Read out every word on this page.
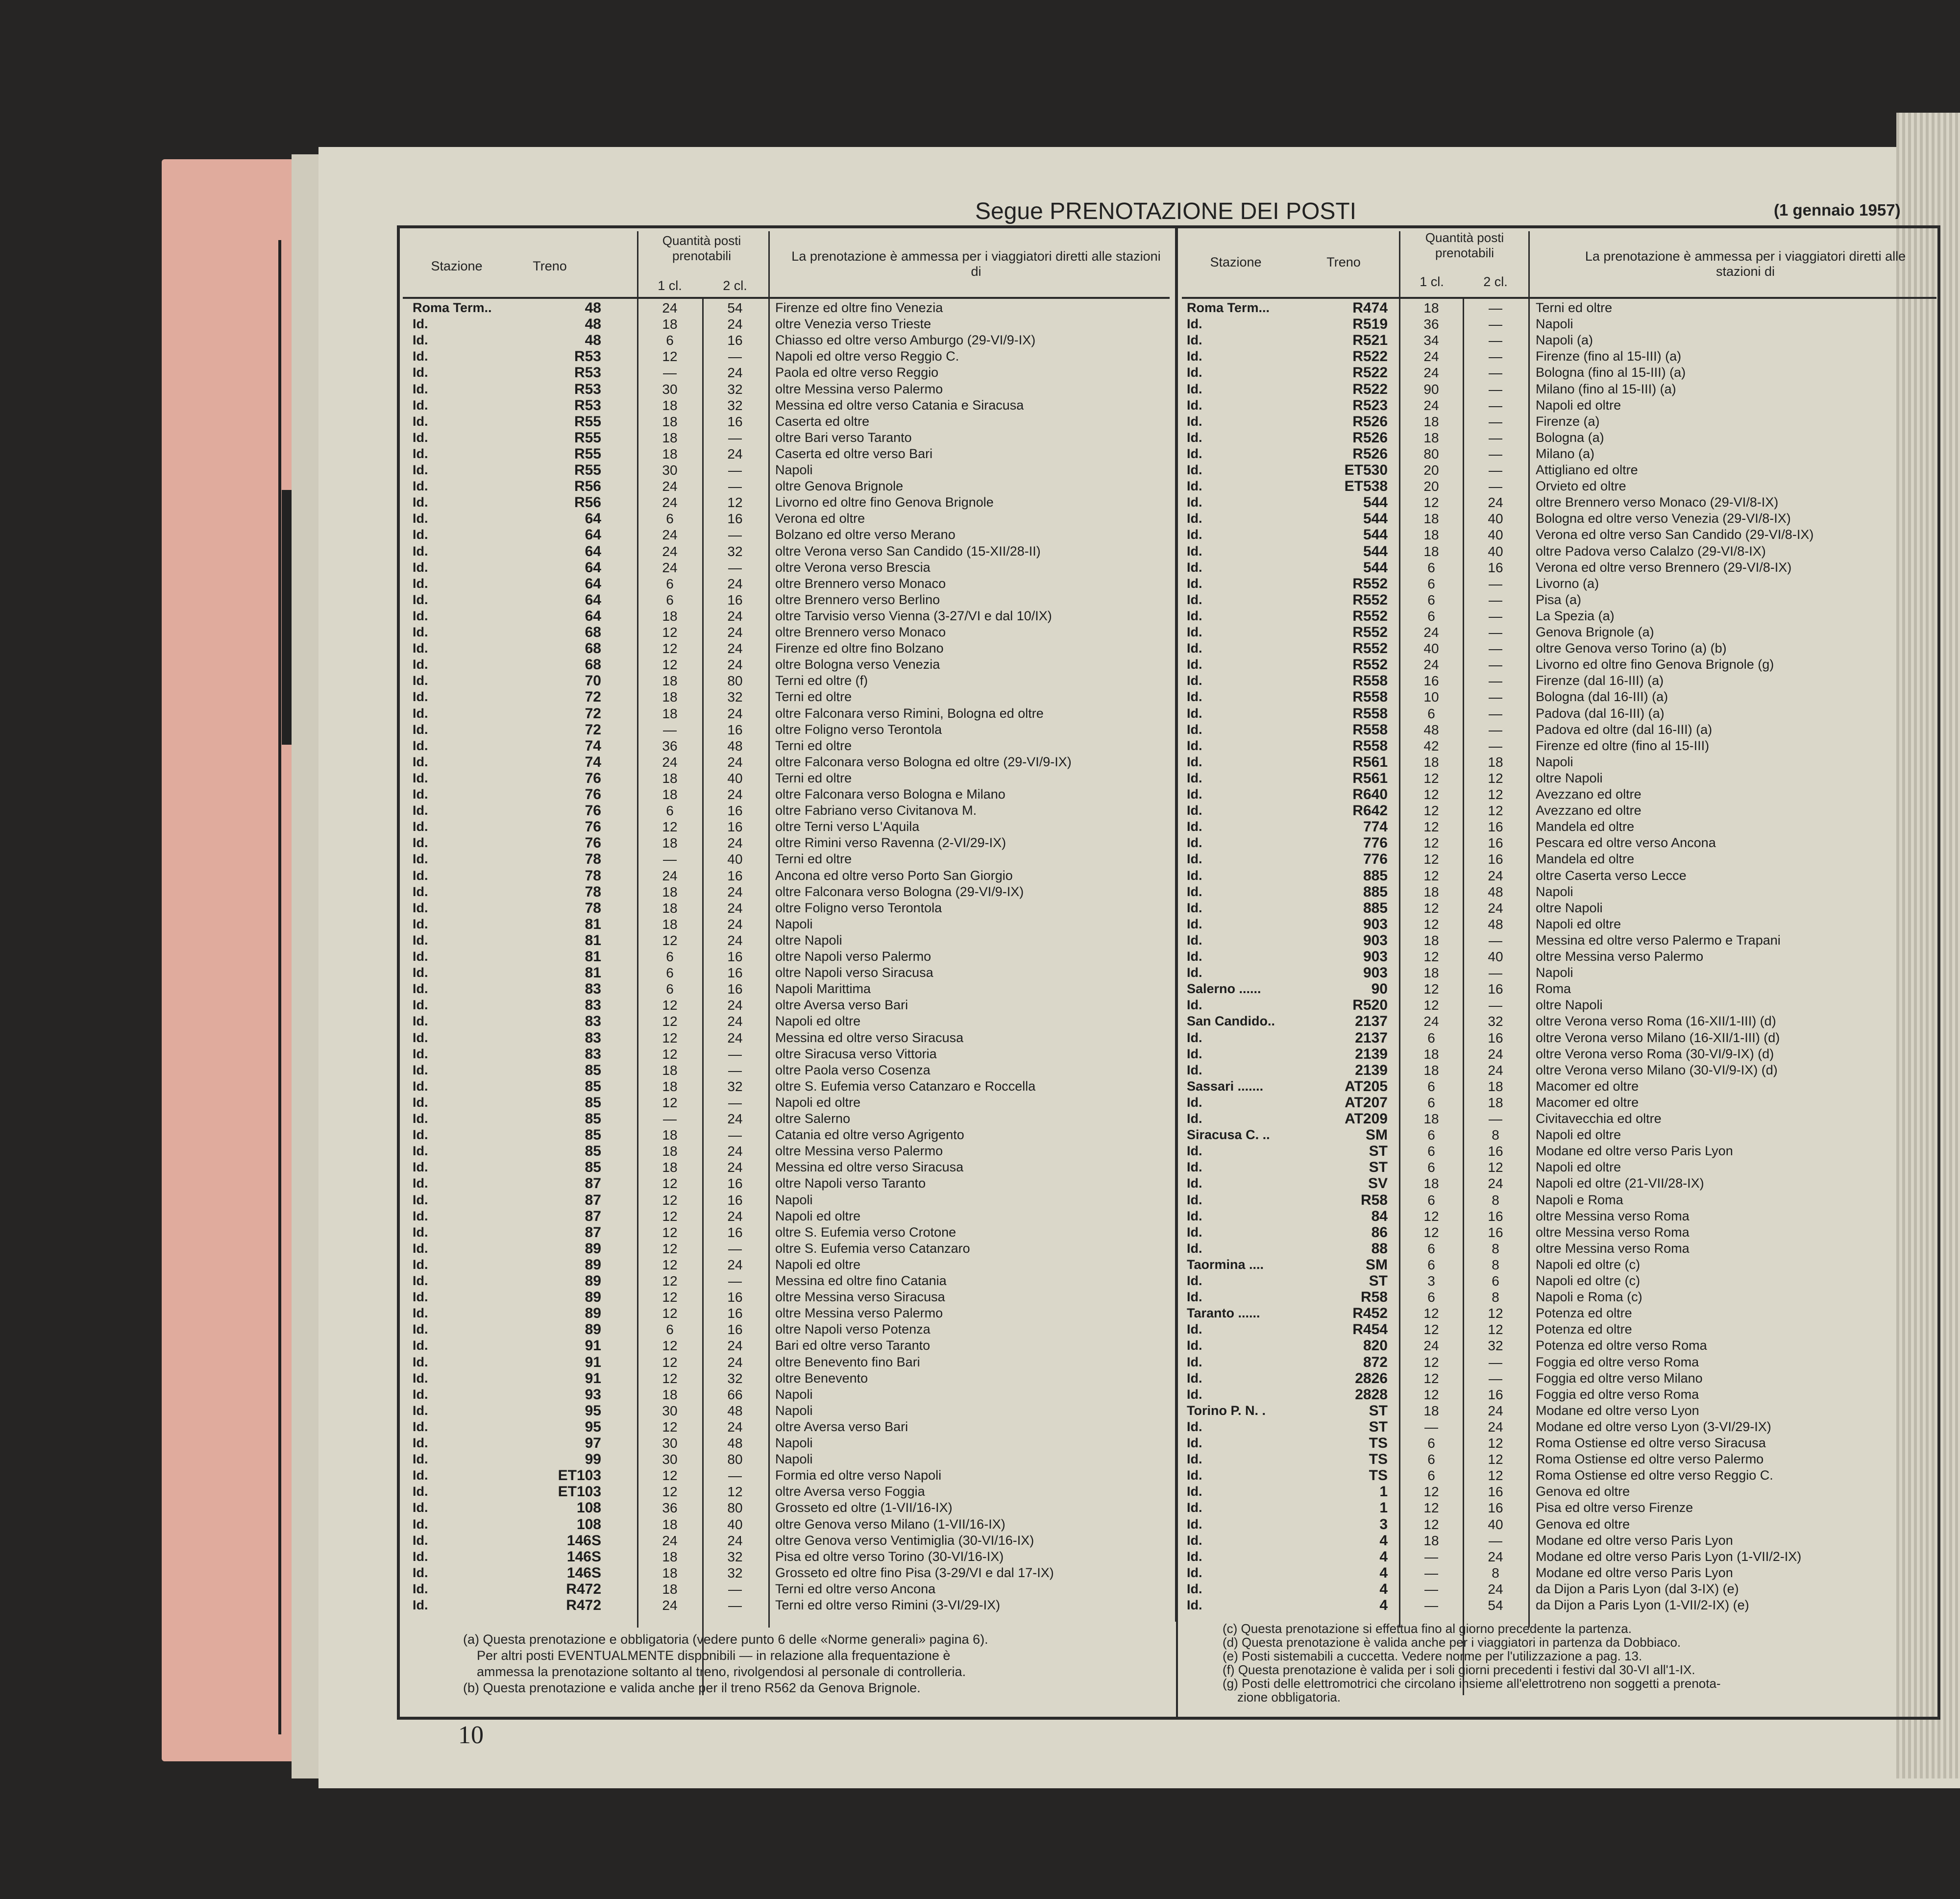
Segue PRENOTAZIONE DEI POSTI	(1 gennaio 1957)
Stazione	Treno
Quantità posti prenotabili
1 cl.	2 cl.
La prenotazione è ammessa per i viaggiatori diretti alle stazioni di
Roma Term..	48	24	54	Firenze ed oltre fino Venezia
Id.	48	18	24	oltre Venezia verso Trieste
Id.	48	6	16	Chiasso ed oltre verso Amburgo (29-VI/9-IX)
Id.	R53	12	—	Napoli ed oltre verso Reggio C.
Id.	R53	—	24	Paola ed oltre verso Reggio
Id.	R53	30	32	oltre Messina verso Palermo
Id.	R53	18	32	Messina ed oltre verso Catania e Siracusa
Id.	R55	18	16	Caserta ed oltre
Id.	R55	18	—	oltre Bari verso Taranto
Id.	R55	18	24	Caserta ed oltre verso Bari
Id.	R55	30	—	Napoli
Id.	R56	24	—	oltre Genova Brignole
Id.	R56	24	12	Livorno ed oltre fino Genova Brignole
Id.	64	6	16	Verona ed oltre
Id.	64	24	—	Bolzano ed oltre verso Merano
Id.	64	24	32	oltre Verona verso San Candido (15-XII/28-II)
Id.	64	24	—	oltre Verona verso Brescia
Id.	64	6	24	oltre Brennero verso Monaco
Id.	64	6	16	oltre Brennero verso Berlino
Id.	64	18	24	oltre Tarvisio verso Vienna (3-27/VI e dal 10/IX)
Id.	68	12	24	oltre Brennero verso Monaco
Id.	68	12	24	Firenze ed oltre fino Bolzano
Id.	68	12	24	oltre Bologna verso Venezia
Id.	70	18	80	Terni ed oltre (f)
Id.	72	18	32	Terni ed oltre
Id.	72	18	24	oltre Falconara verso Rimini, Bologna ed oltre
Id.	72	—	16	oltre Foligno verso Terontola
Id.	74	36	48	Terni ed oltre
Id.	74	24	24	oltre Falconara verso Bologna ed oltre (29-VI/9-IX)
Id.	76	18	40	Terni ed oltre
Id.	76	18	24	oltre Falconara verso Bologna e Milano
Id.	76	6	16	oltre Fabriano verso Civitanova M.
Id.	76	12	16	oltre Terni verso L'Aquila
Id.	76	18	24	oltre Rimini verso Ravenna (2-VI/29-IX)
Id.	78	—	40	Terni ed oltre
Id.	78	24	16	Ancona ed oltre verso Porto San Giorgio
Id.	78	18	24	oltre Falconara verso Bologna (29-VI/9-IX)
Id.	78	18	24	oltre Foligno verso Terontola
Id.	81	18	24	Napoli
Id.	81	12	24	oltre Napoli
Id.	81	6	16	oltre Napoli verso Palermo
Id.	81	6	16	oltre Napoli verso Siracusa
Id.	83	6	16	Napoli Marittima
Id.	83	12	24	oltre Aversa verso Bari
Id.	83	12	24	Napoli ed oltre
Id.	83	12	24	Messina ed oltre verso Siracusa
Id.	83	12	—	oltre Siracusa verso Vittoria
Id.	85	18	—	oltre Paola verso Cosenza
Id.	85	18	32	oltre S. Eufemia verso Catanzaro e Roccella
Id.	85	12	—	Napoli ed oltre
Id.	85	—	24	oltre Salerno
Id.	85	18	—	Catania ed oltre verso Agrigento
Id.	85	18	24	oltre Messina verso Palermo
Id.	85	18	24	Messina ed oltre verso Siracusa
Id.	87	12	16	oltre Napoli verso Taranto
Id.	87	12	16	Napoli
Id.	87	12	24	Napoli ed oltre
Id.	87	12	16	oltre S. Eufemia verso Crotone
Id.	89	12	—	oltre S. Eufemia verso Catanzaro
Id.	89	12	24	Napoli ed oltre
Id.	89	12	—	Messina ed oltre fino Catania
Id.	89	12	16	oltre Messina verso Siracusa
Id.	89	12	16	oltre Messina verso Palermo
Id.	89	6	16	oltre Napoli verso Potenza
Id.	91	12	24	Bari ed oltre verso Taranto
Id.	91	12	24	oltre Benevento fino Bari
Id.	91	12	32	oltre Benevento
Id.	93	18	66	Napoli
Id.	95	30	48	Napoli
Id.	95	12	24	oltre Aversa verso Bari
Id.	97	30	48	Napoli
Id.	99	30	80	Napoli
Id.	ET103	12	—	Formia ed oltre verso Napoli
Id.	ET103	12	12	oltre Aversa verso Foggia
Id.	108	36	80	Grosseto ed oltre (1-VII/16-IX)
Id.	108	18	40	oltre Genova verso Milano (1-VII/16-IX)
Id.	146S	24	24	oltre Genova verso Ventimiglia (30-VI/16-IX)
Id.	146S	18	32	Pisa ed oltre verso Torino (30-VI/16-IX)
Id.	146S	18	32	Grosseto ed oltre fino Pisa (3-29/VI e dal 17-IX)
Id.	R472	18	—	Terni ed oltre verso Ancona
Id.	R472	24	—	Terni ed oltre verso Rimini (3-VI/29-IX)
Stazione	Treno
Quantità posti prenotabili
1 cl.	2 cl.
La prenotazione è ammessa per i viaggiatori diretti alle stazioni di
Roma Term...	R474	18	—	Terni ed oltre
Id.	R519	36	—	Napoli
Id.	R521	34	—	Napoli (a)
Id.	R522	24	—	Firenze (fino al 15-III) (a)
Id.	R522	24	—	Bologna (fino al 15-III) (a)
Id.	R522	90	—	Milano (fino al 15-III) (a)
Id.	R523	24	—	Napoli ed oltre
Id.	R526	18	—	Firenze (a)
Id.	R526	18	—	Bologna (a)
Id.	R526	80	—	Milano (a)
Id.	ET530	20	—	Attigliano ed oltre
Id.	ET538	20	—	Orvieto ed oltre
Id.	544	12	24	oltre Brennero verso Monaco (29-VI/8-IX)
Id.	544	18	40	Bologna ed oltre verso Venezia (29-VI/8-IX)
Id.	544	18	40	Verona ed oltre verso San Candido (29-VI/8-IX)
Id.	544	18	40	oltre Padova verso Calalzo (29-VI/8-IX)
Id.	544	6	16	Verona ed oltre verso Brennero (29-VI/8-IX)
Id.	R552	6	—	Livorno (a)
Id.	R552	6	—	Pisa (a)
Id.	R552	6	—	La Spezia (a)
Id.	R552	24	—	Genova Brignole (a)
Id.	R552	40	—	oltre Genova verso Torino (a) (b)
Id.	R552	24	—	Livorno ed oltre fino Genova Brignole (g)
Id.	R558	16	—	Firenze (dal 16-III) (a)
Id.	R558	10	—	Bologna (dal 16-III) (a)
Id.	R558	6	—	Padova (dal 16-III) (a)
Id.	R558	48	—	Padova ed oltre (dal 16-III) (a)
Id.	R558	42	—	Firenze ed oltre (fino al 15-III)
Id.	R561	18	18	Napoli
Id.	R561	12	12	oltre Napoli
Id.	R640	12	12	Avezzano ed oltre
Id.	R642	12	12	Avezzano ed oltre
Id.	774	12	16	Mandela ed oltre
Id.	776	12	16	Pescara ed oltre verso Ancona
Id.	776	12	16	Mandela ed oltre
Id.	885	12	24	oltre Caserta verso Lecce
Id.	885	18	48	Napoli
Id.	885	12	24	oltre Napoli
Id.	903	12	48	Napoli ed oltre
Id.	903	18	—	Messina ed oltre verso Palermo e Trapani
Id.	903	12	40	oltre Messina verso Palermo
Id.	903	18	—	Napoli
Salerno ......	90	12	16	Roma
Id.	R520	12	—	oltre Napoli
San Candido..	2137	24	32	oltre Verona verso Roma (16-XII/1-III) (d)
Id.	2137	6	16	oltre Verona verso Milano (16-XII/1-III) (d)
Id.	2139	18	24	oltre Verona verso Roma (30-VI/9-IX) (d)
Id.	2139	18	24	oltre Verona verso Milano (30-VI/9-IX) (d)
Sassari .......	AT205	6	18	Macomer ed oltre
Id.	AT207	6	18	Macomer ed oltre
Id.	AT209	18	—	Civitavecchia ed oltre
Siracusa C. ..	SM	6	8	Napoli ed oltre
Id.	ST	6	16	Modane ed oltre verso Paris Lyon
Id.	ST	6	12	Napoli ed oltre
Id.	SV	18	24	Napoli ed oltre (21-VII/28-IX)
Id.	R58	6	8	Napoli e Roma
Id.	84	12	16	oltre Messina verso Roma
Id.	86	12	16	oltre Messina verso Roma
Id.	88	6	8	oltre Messina verso Roma
Taormina ....	SM	6	8	Napoli ed oltre (c)
Id.	ST	3	6	Napoli ed oltre (c)
Id.	R58	6	8	Napoli e Roma (c)
Taranto ......	R452	12	12	Potenza ed oltre
Id.	R454	12	12	Potenza ed oltre
Id.	820	24	32	Potenza ed oltre verso Roma
Id.	872	12	—	Foggia ed oltre verso Roma
Id.	2826	12	—	Foggia ed oltre verso Milano
Id.	2828	12	16	Foggia ed oltre verso Roma
Torino P. N. .	ST	18	24	Modane ed oltre verso Lyon
Id.	ST	—	24	Modane ed oltre verso Lyon (3-VI/29-IX)
Id.	TS	6	12	Roma Ostiense ed oltre verso Siracusa
Id.	TS	6	12	Roma Ostiense ed oltre verso Palermo
Id.	TS	6	12	Roma Ostiense ed oltre verso Reggio C.
Id.	1	12	16	Genova ed oltre
Id.	1	12	16	Pisa ed oltre verso Firenze
Id.	3	12	40	Genova ed oltre
Id.	4	18	—	Modane ed oltre verso Paris Lyon
Id.	4	—	24	Modane ed oltre verso Paris Lyon (1-VII/2-IX)
Id.	4	—	8	Modane ed oltre verso Paris Lyon
Id.	4	—	24	da Dijon a Paris Lyon (dal 3-IX) (e)
Id.	4	—	54	da Dijon a Paris Lyon (1-VII/2-IX) (e)

(a) Questa prenotazione e obbligatoria (vedere punto 6 delle «Norme generali» pagina 6).

Per altri posti EVENTUALMENTE disponibili — in relazione alla frequentazione è

ammessa la prenotazione soltanto al treno, rivolgendosi al personale di controlleria.

(b) Questa prenotazione e valida anche per il treno R562 da Genova Brignole.

(c) Questa prenotazione si effettua fino al giorno precedente la partenza.

(d) Questa prenotazione è valida anche per i viaggiatori in partenza da Dobbiaco.

(e) Posti sistemabili a cuccetta. Vedere norme per l'utilizzazione a pag. 13.

(f) Questa prenotazione è valida per i soli giorni precedenti i festivi dal 30-VI all'1-IX.

(g) Posti delle elettromotrici che circolano insieme all'elettrotreno non soggetti a prenota-

zione obbligatoria.

10
